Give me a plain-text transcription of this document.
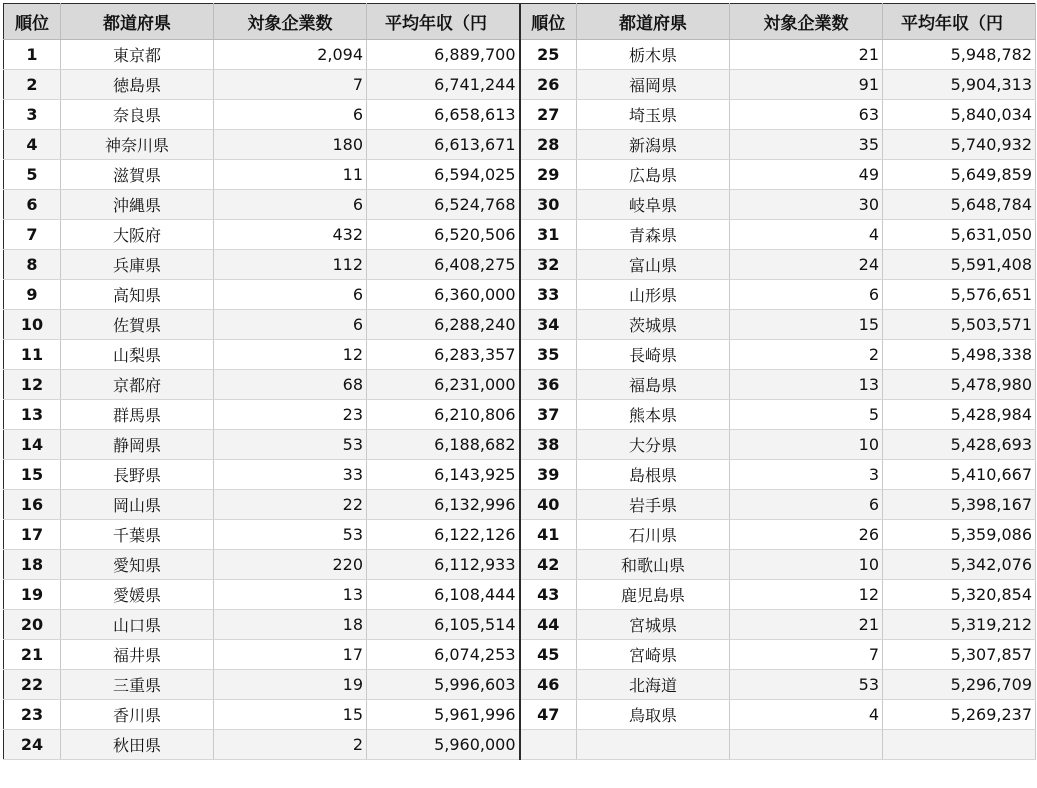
順位	都道府県	対象企業数	平均年収（円	順位	都道府県	対象企業数	平均年収（円
1	東京都	2,094	6,889,700	25	栃木県	21	5,948,782
2	徳島県	7	6,741,244	26	福岡県	91	5,904,313
3	奈良県	6	6,658,613	27	埼玉県	63	5,840,034
4	神奈川県	180	6,613,671	28	新潟県	35	5,740,932
5	滋賀県	11	6,594,025	29	広島県	49	5,649,859
6	沖縄県	6	6,524,768	30	岐阜県	30	5,648,784
7	大阪府	432	6,520,506	31	青森県	4	5,631,050
8	兵庫県	112	6,408,275	32	富山県	24	5,591,408
9	高知県	6	6,360,000	33	山形県	6	5,576,651
10	佐賀県	6	6,288,240	34	茨城県	15	5,503,571
11	山梨県	12	6,283,357	35	長崎県	2	5,498,338
12	京都府	68	6,231,000	36	福島県	13	5,478,980
13	群馬県	23	6,210,806	37	熊本県	5	5,428,984
14	静岡県	53	6,188,682	38	大分県	10	5,428,693
15	長野県	33	6,143,925	39	島根県	3	5,410,667
16	岡山県	22	6,132,996	40	岩手県	6	5,398,167
17	千葉県	53	6,122,126	41	石川県	26	5,359,086
18	愛知県	220	6,112,933	42	和歌山県	10	5,342,076
19	愛媛県	13	6,108,444	43	鹿児島県	12	5,320,854
20	山口県	18	6,105,514	44	宮城県	21	5,319,212
21	福井県	17	6,074,253	45	宮崎県	7	5,307,857
22	三重県	19	5,996,603	46	北海道	53	5,296,709
23	香川県	15	5,961,996	47	鳥取県	4	5,269,237
24	秋田県	2	5,960,000				
